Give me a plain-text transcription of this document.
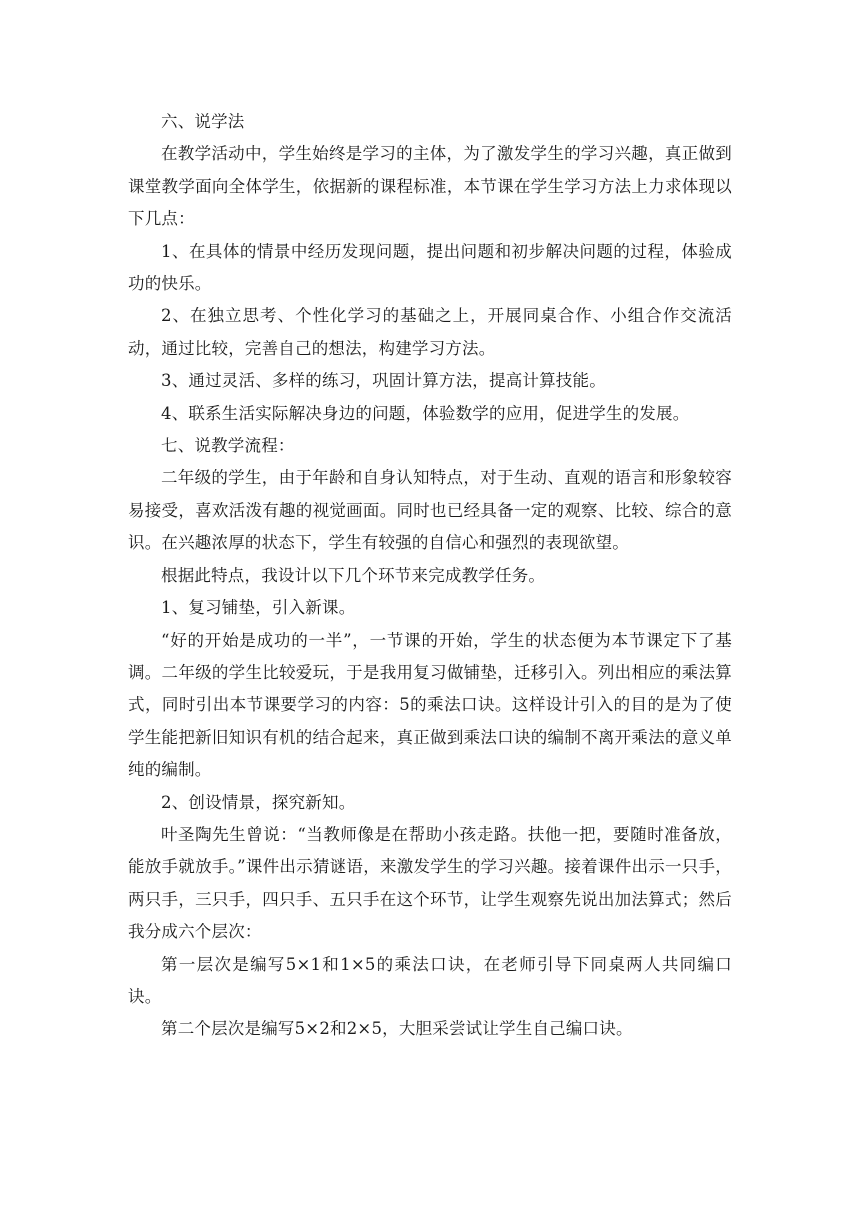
六、说学法

在教学活动中，学生始终是学习的主体，为了激发学生的学习兴趣，真正做到课堂教学面向全体学生，依据新的课程标准，本节课在学生学习方法上力求体现以下几点：

1、在具体的情景中经历发现问题，提出问题和初步解决问题的过程，体验成功的快乐。

2、在独立思考、个性化学习的基础之上，开展同桌合作、小组合作交流活动，通过比较，完善自己的想法，构建学习方法。

3、通过灵活、多样的练习，巩固计算方法，提高计算技能。

4、联系生活实际解决身边的问题，体验数学的应用，促进学生的发展。

七、说教学流程：

二年级的学生，由于年龄和自身认知特点，对于生动、直观的语言和形象较容易接受，喜欢活泼有趣的视觉画面。同时也已经具备一定的观察、比较、综合的意识。在兴趣浓厚的状态下，学生有较强的自信心和强烈的表现欲望。

根据此特点，我设计以下几个环节来完成教学任务。

1、复习铺垫，引入新课。

“好的开始是成功的一半”，一节课的开始，学生的状态便为本节课定下了基调。二年级的学生比较爱玩，于是我用复习做铺垫，迁移引入。列出相应的乘法算式，同时引出本节课要学习的内容：5的乘法口诀。这样设计引入的目的是为了使学生能把新旧知识有机的结合起来，真正做到乘法口诀的编制不离开乘法的意义单纯的编制。

2、创设情景，探究新知。

叶圣陶先生曾说：“当教师像是在帮助小孩走路。扶他一把，要随时准备放，能放手就放手。”课件出示猜谜语，来激发学生的学习兴趣。接着课件出示一只手，两只手，三只手，四只手、五只手在这个环节，让学生观察先说出加法算式；然后我分成六个层次：

第一层次是编写5×1和1×5的乘法口诀，在老师引导下同桌两人共同编口诀。

第二个层次是编写5×2和2×5，大胆采尝试让学生自己编口诀。
